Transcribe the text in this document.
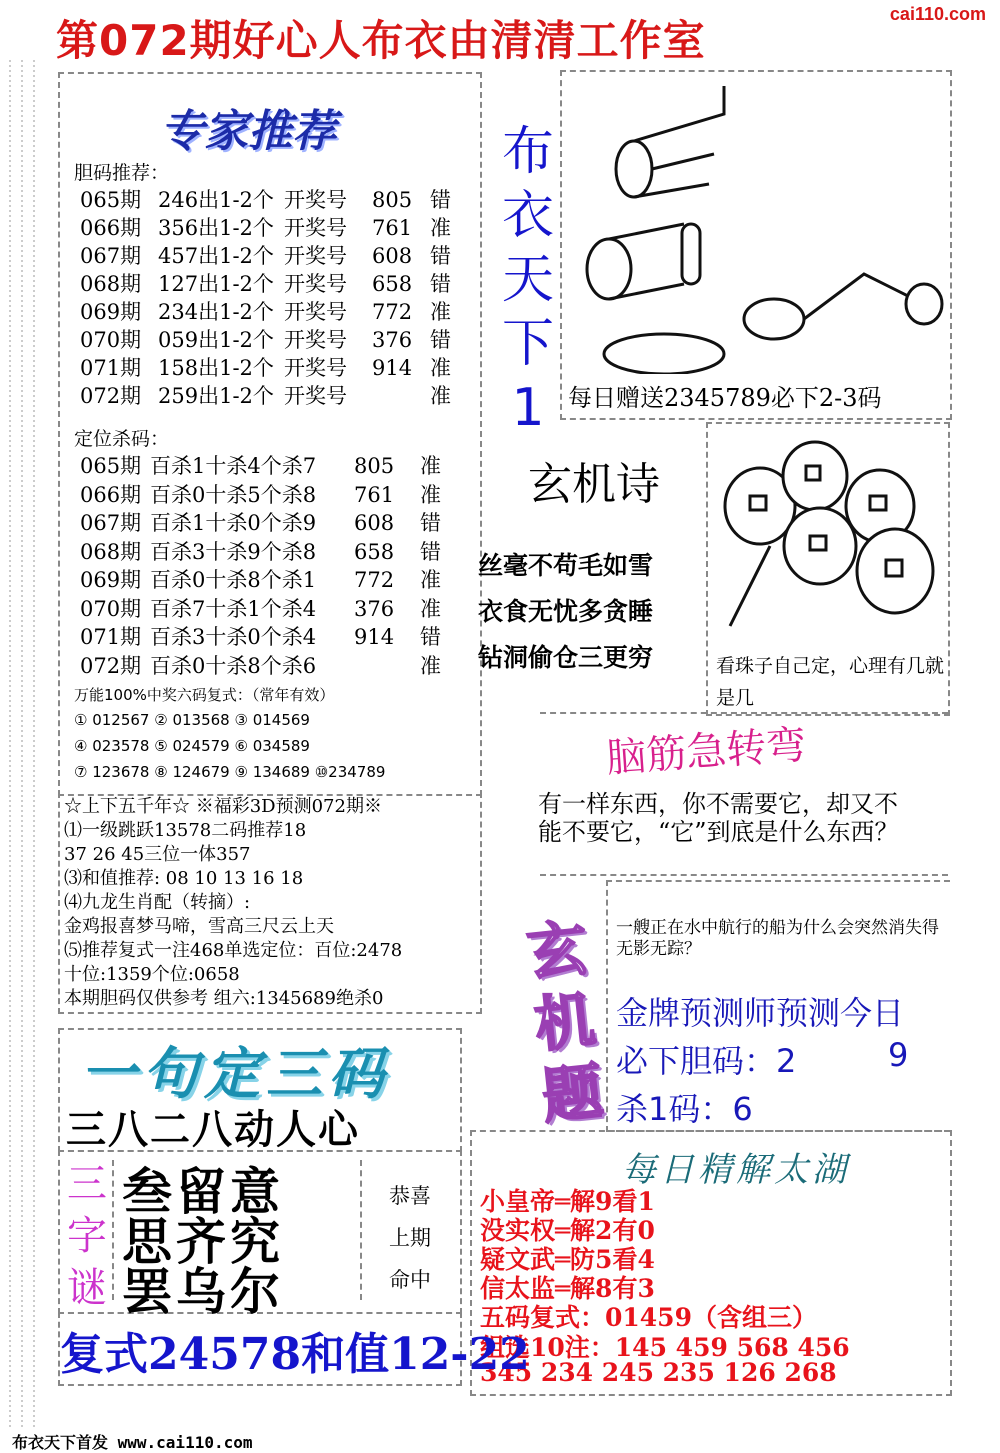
第072期好心人布衣由清清工作室
cai110.com
专家推荐
胆码推荐：
065期 246出1-2个 开奖号 805 错
066期 356出1-2个 开奖号 761 准
067期 457出1-2个 开奖号 608 错
068期 127出1-2个 开奖号 658 错
069期 234出1-2个 开奖号 772 准
070期 059出1-2个 开奖号 376 错
071期 158出1-2个 开奖号 914 准
072期 259出1-2个 开奖号	准
定位杀码：
065期 百杀1十杀4个杀7 805 准
066期 百杀0十杀5个杀8 761 准
067期 百杀1十杀0个杀9 608 错
068期 百杀3十杀9个杀8 658 错
069期 百杀0十杀8个杀1 772 准
070期 百杀7十杀1个杀4 376 准
071期 百杀3十杀0个杀4 914 错
072期 百杀0十杀8个杀6	准
万能100%中奖六码复式：（常年有效）
① 012567 ② 013568 ③ 014569
④ 023578 ⑤ 024579 ⑥ 034589
⑦ 123678 ⑧ 124679 ⑨ 134689 ⑩234789
☆上下五千年☆ ※福彩3D预测072期※
⑴一级跳跃13578二码推荐18
37 26 45三位一体357
⑶和值推荐: 08 10 13 16 18
⑷九龙生肖配（转摘）:
金鸡报喜梦马啼，雪高三尺云上天
⑸推荐复式一注468单选定位：百位:2478
十位:1359个位:0658
本期胆码仅供参考 组六:1345689绝杀0
布
衣
天
下
1 每日赠送2345789必下2-3码
玄机诗
丝毫不苟毛如雪
衣食无忧多贪睡
钻洞偷仓三更穷	看珠子自己定，心理有几就是几
脑筋急转弯
有一样东西，你不需要它，却又不能不要它，“它”到底是什么东西？
玄
机
题
一艘正在水中航行的船为什么会突然消失得无影无踪？
金牌预测师预测今日
必下胆码：2	9
杀1码：6
每日精解太湖
小皇帝═解9看1
没实权═解2有0
疑文武═防5看4
信太监═解8有3
五码复式：01459（含组三）
组选10注：145 459 568 456
345 234 245 235 126 268
一句定三码
三八二八动人心
三
字
谜
叁留意
思齐究
罢乌尔
恭喜
上期
命中
复式24578和值12-22
布衣天下首发 www.cai110.com
